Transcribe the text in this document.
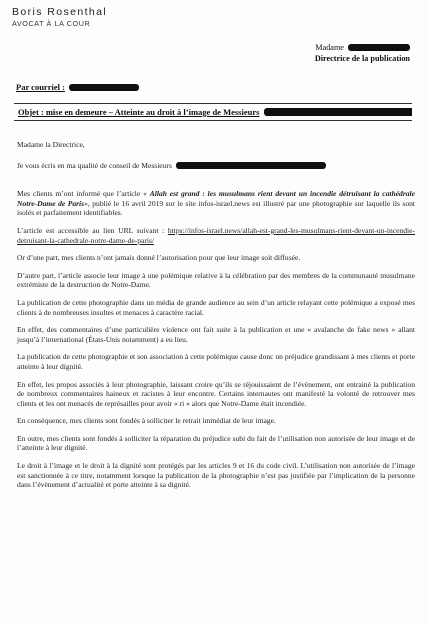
Boris Rosenthal
AVOCAT À LA COUR
Madame
Directrice de la publication
Par courriel :
Objet : mise en demeure – Atteinte au droit à l’image de Messieurs

Madame la Directrice,

Je vous écris en ma qualité de conseil de Messieurs

Mes clients m’ont informé que l’article « Allah est grand : les musulmans rient devant un incendie détruisant la cathédrale Notre-Dame de Paris», publié le 16 avril 2019 sur le site infos-israel.news est illustré par une photographie sur laquelle ils sont isolés et parfaitement identifiables.

L’article est accessible au lien URL suivant : https://infos-israel.news/allah-est-grand-les-musulmans-rient-devant-un-incendie-detruisant-la-cathedrale-notre-dame-de-paris/

Or d’une part, mes clients n’ont jamais donné l’autorisation pour que leur image soit diffusée.

D’autre part, l’article associe leur image à une polémique relative à la célébration par des membres de la communauté musulmane extrémiste de la destruction de Notre-Dame.

La publication de cette photographie dans un média de grande audience au sein d’un article relayant cette polémique a exposé mes clients à de nombreuses insultes et menaces à caractère racial.

En effet, des commentaires d’une particulière violence ont fait suite à la publication et une « avalanche de fake news » allant jusqu’à l’international (États-Unis notamment) a eu lieu.

La publication de cette photographie et son association à cette polémique cause donc un préjudice grandissant à mes clients et porte atteinte à leur dignité.

En effet, les propos associés à leur photographie, laissant croire qu’ils se réjouissaient de l’évènement, ont entrainé la publication de nombreux commentaires haineux et racistes à leur encontre. Certains internautes ont manifesté la volonté de retrouver mes clients et les ont menacés de représailles pour avoir « ri » alors que Notre-Dame était incendiée.

En conséquence, mes clients sont fondés à solliciter le retrait immédiat de leur image.

En outre, mes clients sont fondés à solliciter la réparation du préjudice subi du fait de l’utilisation non autorisée de leur image et de l’atteinte à leur dignité.

Le droit à l’image et le droit à la dignité sont protégés par les articles 9 et 16 du code civil. L’utilisation non autorisée de l’image est sanctionnée à ce titre, notamment lorsque la publication de la photographie n’est pas justifiée par l’implication de la personne dans l’évènement d’actualité et porte atteinte à sa dignité.
